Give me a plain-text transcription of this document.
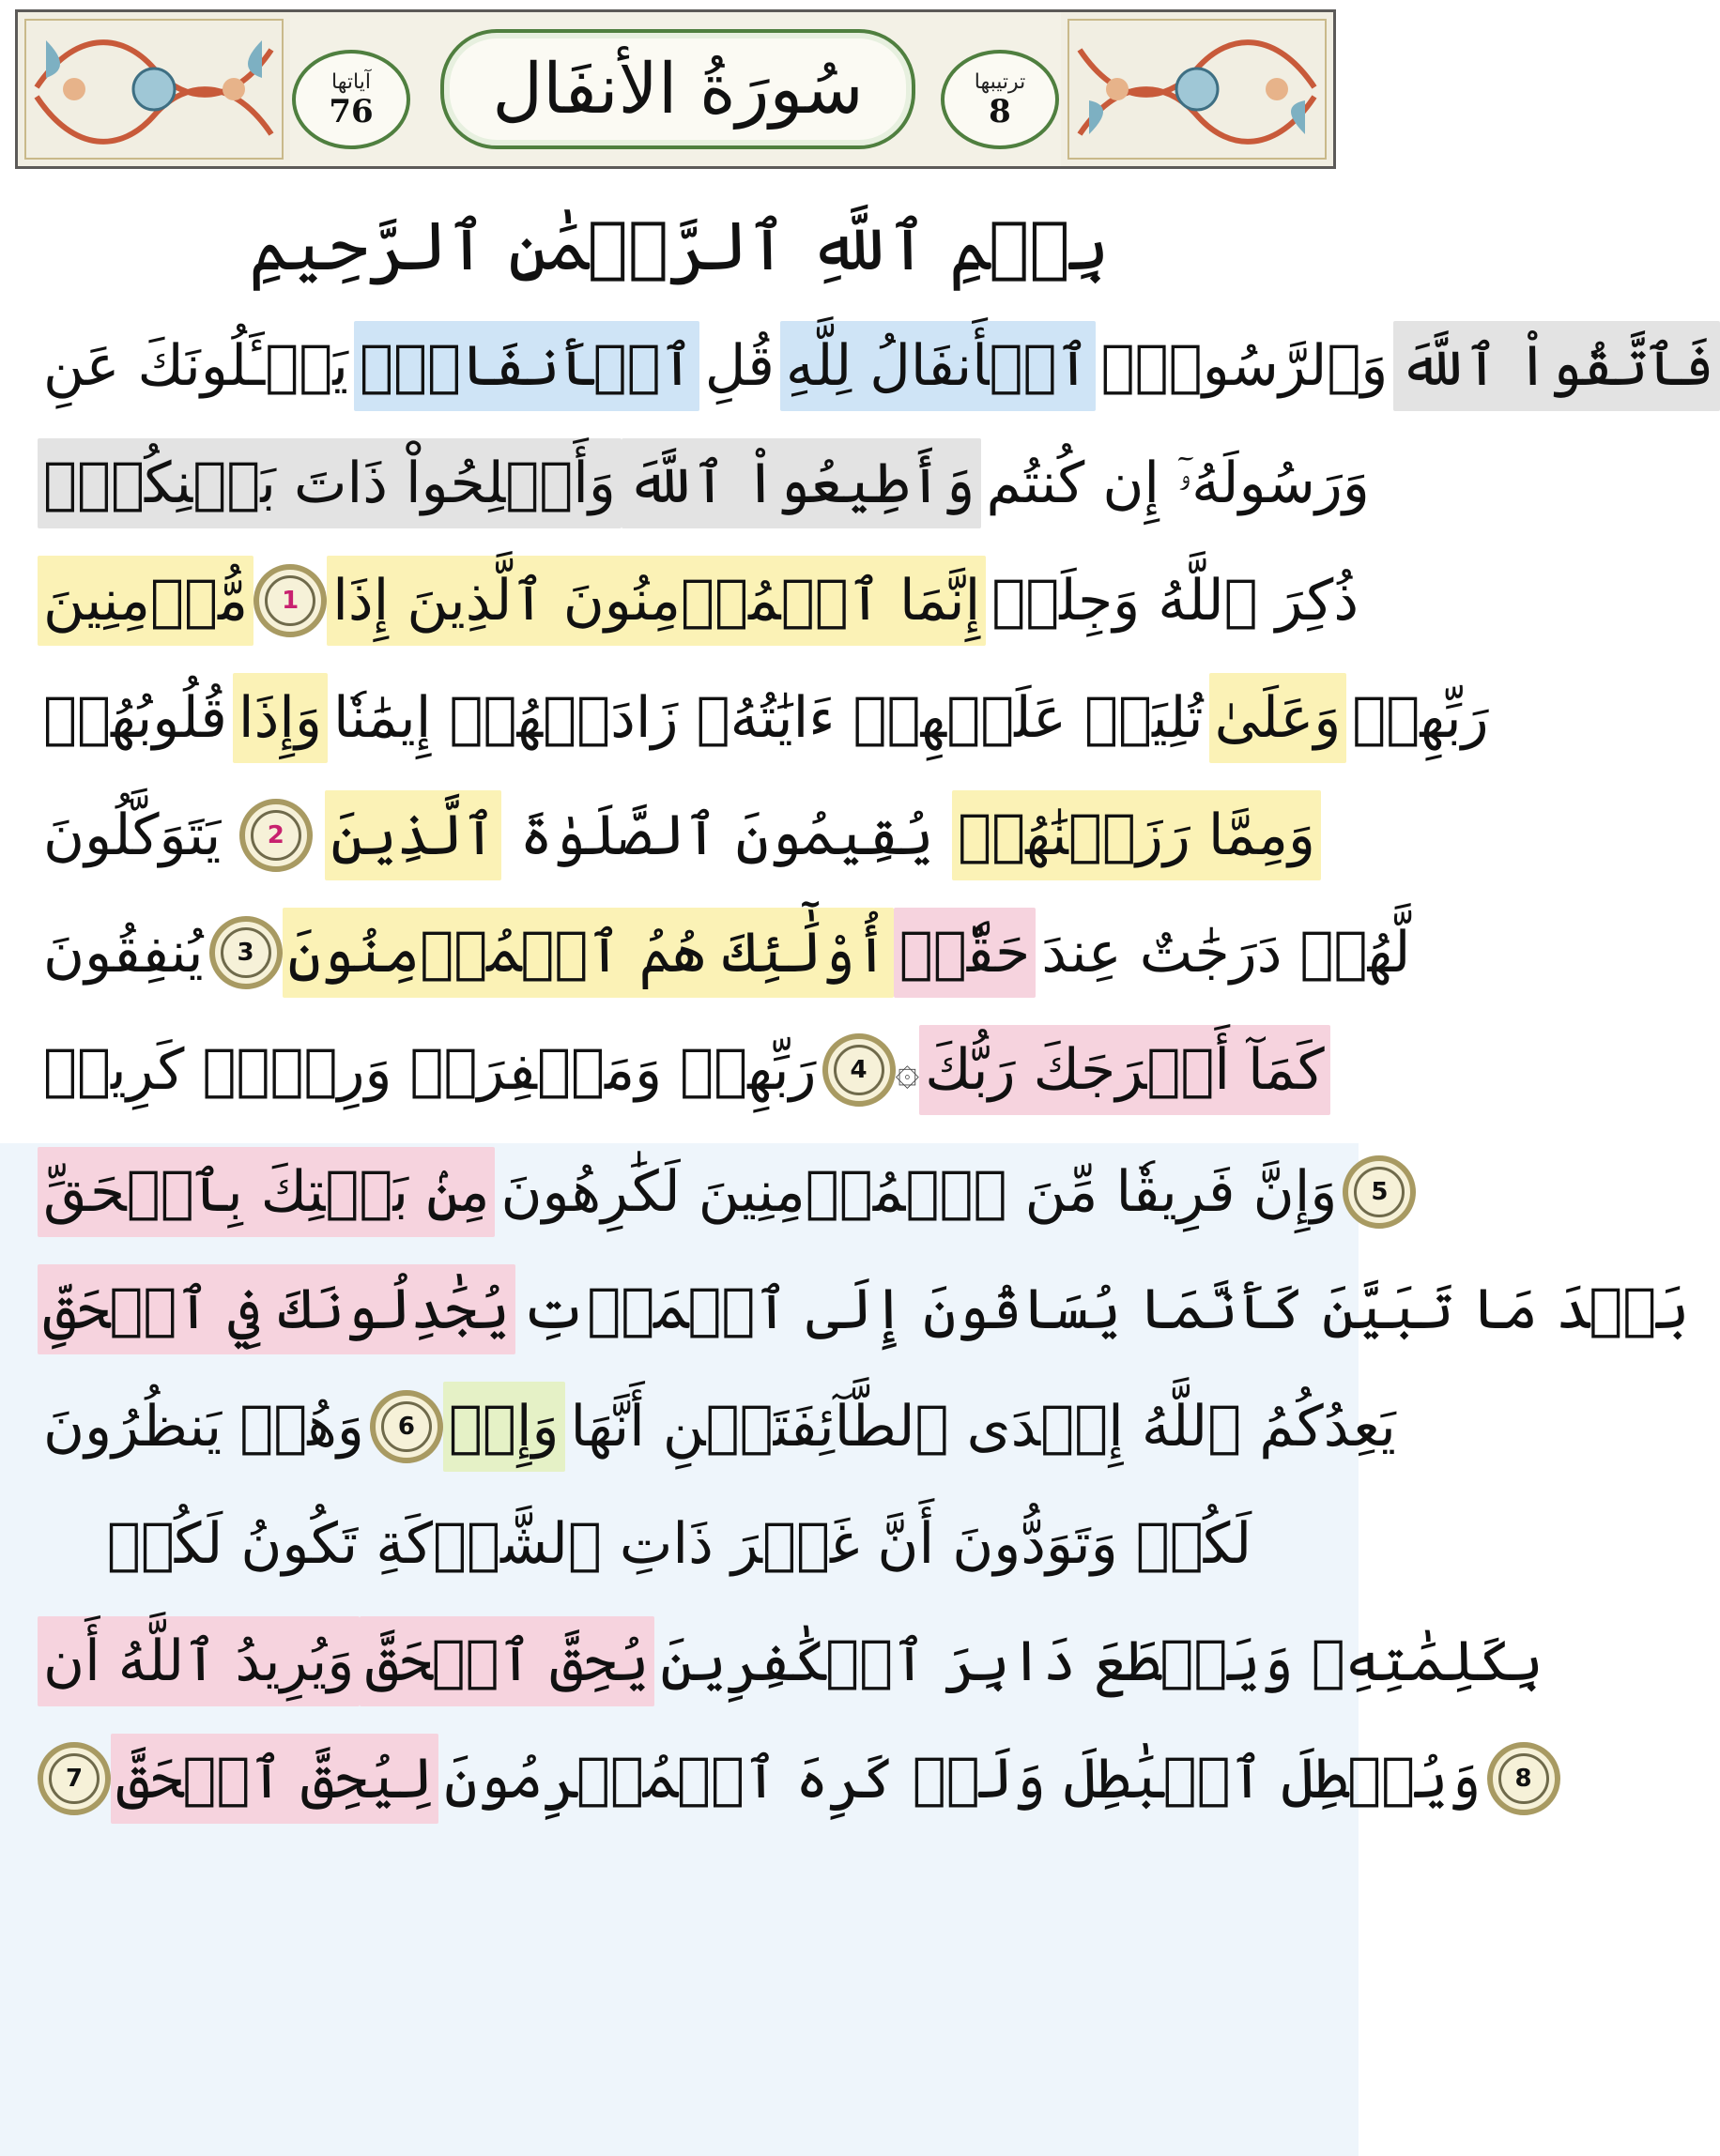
آياتها
76 سُورَةُ الأنفَال	ترتيبها
8
بِسۡمِ ٱللَّهِ ٱلرَّحۡمَٰنِ ٱلرَّحِيمِ
يَسۡـَٔلُونَكَ عَنِ ٱلۡأَنفَالِۖ قُلِ ٱلۡأَنفَالُ لِلَّهِ وَٱلرَّسُولِۖ فَٱتَّقُواْ ٱللَّهَ
وَأَصۡلِحُواْ ذَاتَ بَيۡنِكُمۡۖ وَأَطِيعُواْ ٱللَّهَ وَرَسُولَهُۥٓ إِن كُنتُم
مُّؤۡمِنِينَ 1 إِنَّمَا ٱلۡمُؤۡمِنُونَ ٱلَّذِينَ إِذَا ذُكِرَ ٱللَّهُ وَجِلَتۡ
قُلُوبُهُمۡ وَإِذَا تُلِيَتۡ عَلَيۡهِمۡ ءَايَٰتُهُۥ زَادَتۡهُمۡ إِيمَٰنٗا وَعَلَىٰ رَبِّهِمۡ
يَتَوَكَّلُونَ 2 ٱلَّذِينَ يُقِيمُونَ ٱلصَّلَوٰةَ وَمِمَّا رَزَقۡنَٰهُمۡ
يُنفِقُونَ 3 أُوْلَٰٓئِكَ هُمُ ٱلۡمُؤۡمِنُونَ حَقّٗاۚ لَّهُمۡ دَرَجَٰتٌ عِندَ
رَبِّهِمۡ وَمَغۡفِرَةٞ وَرِزۡقٞ كَرِيمٞ 4 ۞ كَمَآ أَخۡرَجَكَ رَبُّكَ
مِنۢ بَيۡتِكَ بِٱلۡحَقِّ وَإِنَّ فَرِيقٗا مِّنَ ٱلۡمُؤۡمِنِينَ لَكَٰرِهُونَ 5
يُجَٰدِلُونَكَ فِي ٱلۡحَقِّ بَعۡدَ مَا تَبَيَّنَ كَأَنَّمَا يُسَاقُونَ إِلَى ٱلۡمَوۡتِ
وَهُمۡ يَنظُرُونَ 6 وَإِذۡ يَعِدُكُمُ ٱللَّهُ إِحۡدَى ٱلطَّآئِفَتَيۡنِ أَنَّهَا
لَكُمۡ وَتَوَدُّونَ أَنَّ غَيۡرَ ذَاتِ ٱلشَّوۡكَةِ تَكُونُ لَكُمۡ
وَيُرِيدُ ٱللَّهُ أَن يُحِقَّ ٱلۡحَقَّ بِكَلِمَٰتِهِۦ وَيَقۡطَعَ دَابِرَ ٱلۡكَٰفِرِينَ
7 لِيُحِقَّ ٱلۡحَقَّ وَيُبۡطِلَ ٱلۡبَٰطِلَ وَلَوۡ كَرِهَ ٱلۡمُجۡرِمُونَ 8
